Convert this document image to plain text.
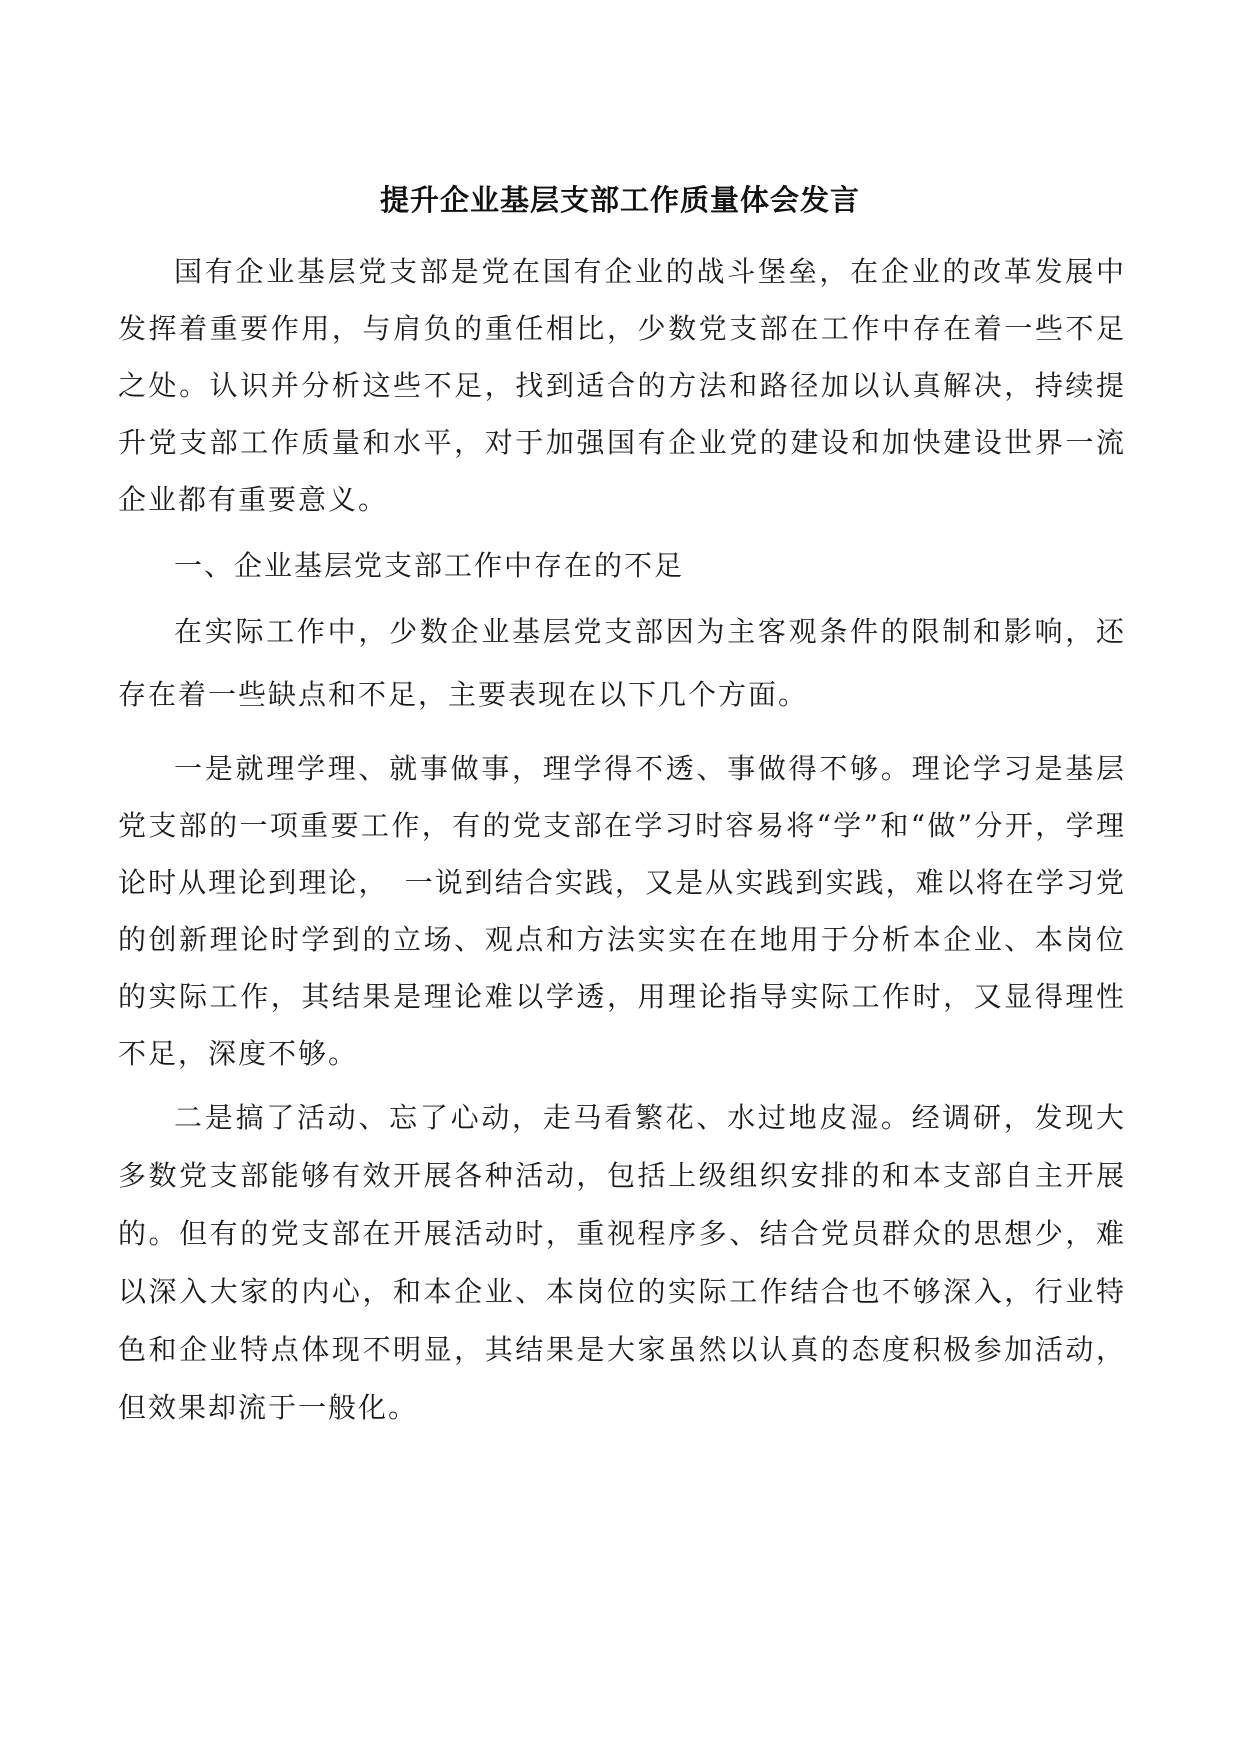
提升企业基层支部工作质量体会发言

国有企业基层党支部是党在国有企业的战斗堡垒，在企业的改革发展中发挥着重要作用，与肩负的重任相比，少数党支部在工作中存在着一些不足之处。认识并分析这些不足，找到适合的方法和路径加以认真解决，持续提升党支部工作质量和水平，对于加强国有企业党的建设和加快建设世界一流企业都有重要意义。

一、企业基层党支部工作中存在的不足

在实际工作中，少数企业基层党支部因为主客观条件的限制和影响，还存在着一些缺点和不足，主要表现在以下几个方面。

一是就理学理、就事做事，理学得不透、事做得不够。理论学习是基层党支部的一项重要工作，有的党支部在学习时容易将“学”和“做”分开，学理论时从理论到理论，　一说到结合实践，又是从实践到实践，难以将在学习党的创新理论时学到的立场、观点和方法实实在在地用于分析本企业、本岗位的实际工作，其结果是理论难以学透，用理论指导实际工作时，又显得理性不足，深度不够。

二是搞了活动、忘了心动，走马看繁花、水过地皮湿。经调研，发现大多数党支部能够有效开展各种活动，包括上级组织安排的和本支部自主开展的。但有的党支部在开展活动时，重视程序多、结合党员群众的思想少，难以深入大家的内心，和本企业、本岗位的实际工作结合也不够深入，行业特色和企业特点体现不明显，其结果是大家虽然以认真的态度积极参加活动，但效果却流于一般化。
